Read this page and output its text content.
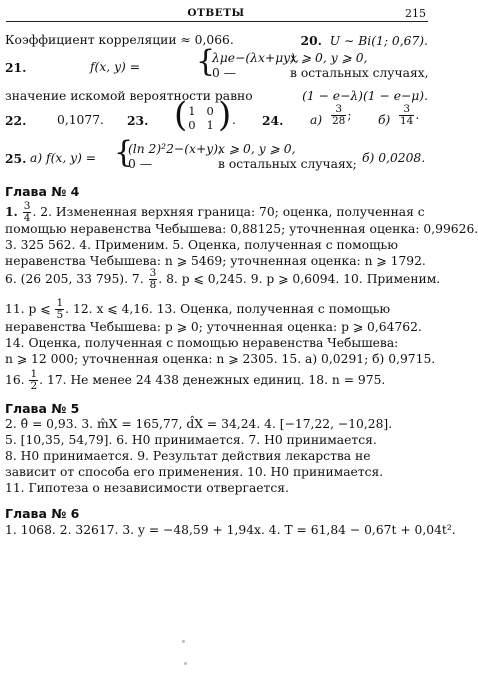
ОТВЕТЫ	215
Коэффициент корреляции ≈ 0,066.	20. U ∼ Bi(1; 0,67).
21.	f(x, y) = {
λμe−(λx+μy),
x ⩾ 0, y ⩾ 0,
0 —	в остальных случаях,
значение искомой вероятности равно	(1 − e−λ)(1 − e−μ).
22. 0,1077. 23. ( 1 0
0 1 ) . 24. $а) \frac{3}{28}$ ; $б) \frac{3}{14}$ .
25. а) f(x, y) = {
(ln 2)²2−(x+y),
x ⩾ 0, y ⩾ 0,
0 —	в остальных случаях; б) 0,0208.
Глава № 4
1. $\frac{3}{4}$ . 2. Измененная верхняя граница: 70; оценка, полученная с
помощью неравенства Чебышева: 0,88125; уточненная оценка: 0,99626.
3. 325 562. 4. Применим. 5. Оценка, полученная с помощью
неравенства Чебышева: n ⩾ 5469; уточненная оценка: n ⩾ 1792.
6. (26 205, 33 795). 7. $\frac{3}{8}$ . 8. p ⩽ 0,245. 9. p ⩾ 0,6094. 10. Применим.
11. p ⩽ $\frac{1}{5}$ . 12. x ⩽ 4,16. 13. Оценка, полученная с помощью
неравенства Чебышева: p ⩾ 0; уточненная оценка: p ⩾ 0,64762.
14. Оценка, полученная с помощью неравенства Чебышева:
n ⩾ 12 000; уточненная оценка: n ⩾ 2305. 15. а) 0,0291; б) 0,9715.
16. $\frac{1}{2}$ . 17. Не менее 24 438 денежных единиц. 18. n = 975.
Глава № 5
2. θ̂ = 0,93. 3. m̂X = 165,77, d̂X = 34,24. 4. [−17,22, −10,28].
5. [10,35, 54,79]. 6. H0 принимается. 7. H0 принимается.
8. H0 принимается. 9. Результат действия лекарства не
зависит от способа его применения. 10. H0 принимается.
11. Гипотеза о независимости отвергается.
Глава № 6
1. 1068. 2. 32617. 3. y = −48,59 + 1,94x. 4. T = 61,84 − 0,67t + 0,04t².
